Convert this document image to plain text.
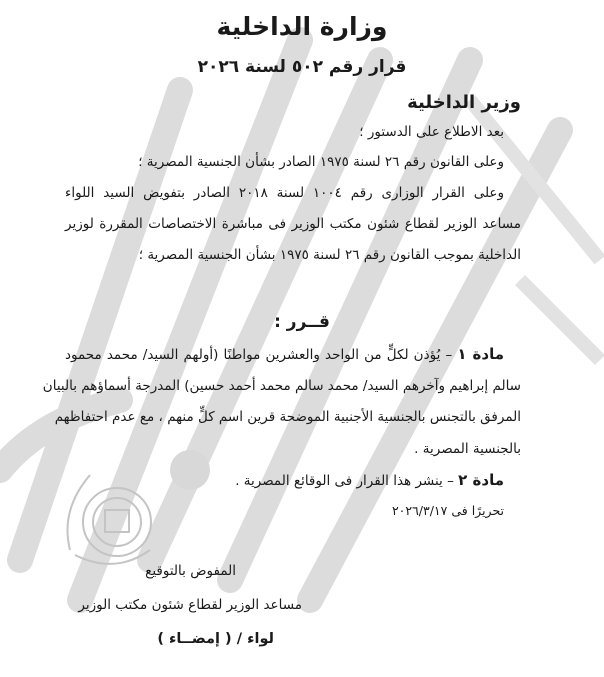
وزارة الداخلية
قرار رقم ٥٠٢ لسنة ٢٠٢٦
وزير الداخلية
بعد الاطلاع على الدستور ؛
وعلى القانون رقم ٢٦ لسنة ١٩٧٥ الصادر بشأن الجنسية المصرية ؛
وعلى القرار الوزارى رقم ١٠٠٤ لسنة ٢٠١٨ الصادر بتفويض السيد اللواء
مساعد الوزير لقطاع شئون مكتب الوزير فى مباشرة الاختصاصات المقررة لوزير
الداخلية بموجب القانون رقم ٢٦ لسنة ١٩٧٥ بشأن الجنسية المصرية ؛
قــرر :
مادة ١ – يُؤذن لكلٍّ من الواحد والعشرين مواطنًا (أولهم السيد/ محمد محمود
سالم إبراهيم وآخرهم السيد/ محمد سالم محمد أحمد حسين) المدرجة أسماؤهم بالبيان
المرفق بالتجنس بالجنسية الأجنبية الموضحة قرين اسم كلٍّ منهم ، مع عدم احتفاظهم
بالجنسية المصرية .
مادة ٢ – ينشر هذا القرار فى الوقائع المصرية .
تحريرًا فى ٢٠٢٦/٣/١٧
المفوض بالتوقيع
مساعد الوزير لقطاع شئون مكتب الوزير
لواء / ( إمضــاء )
